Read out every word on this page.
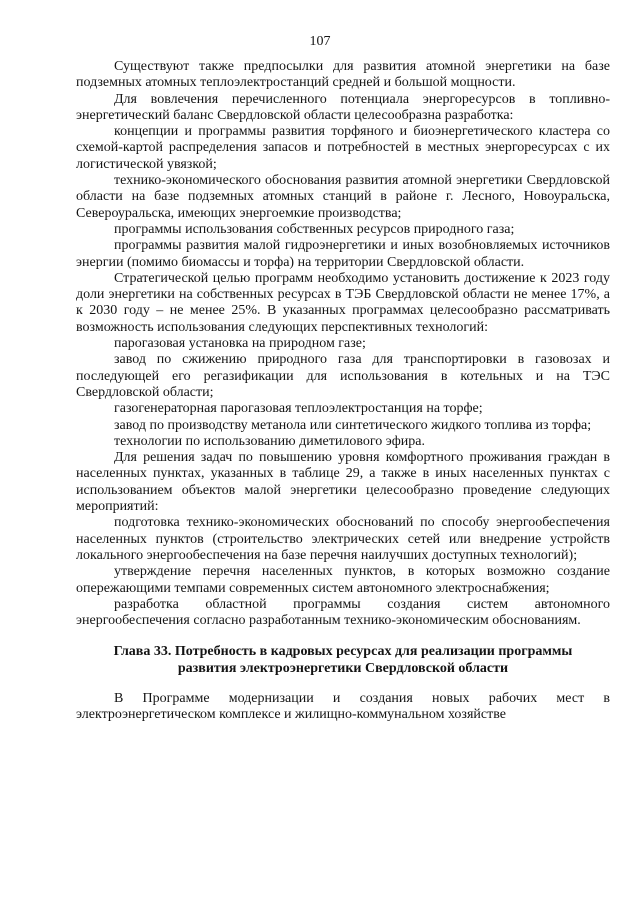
107

Существуют также предпосылки для развития атомной энергетики на базе подземных атомных теплоэлектростанций средней и большой мощности.

Для вовлечения перечисленного потенциала энергоресурсов в топливно-энергетический баланс Свердловской области целесообразна разработка:

концепции и программы развития торфяного и биоэнергетического кластера со схемой-картой распределения запасов и потребностей в местных энергоресурсах с их логистической увязкой;

технико-экономического обоснования развития атомной энергетики Свердловской области на базе подземных атомных станций в районе г. Лесного, Новоуральска, Североуральска, имеющих энергоемкие производства;

программы использования собственных ресурсов природного газа;

программы развития малой гидроэнергетики и иных возобновляемых источников энергии (помимо биомассы и торфа) на территории Свердловской области.

Стратегической целью программ необходимо установить достижение к 2023 году доли энергетики на собственных ресурсах в ТЭБ Свердловской области не менее 17%, а к 2030 году – не менее 25%. В указанных программах целесообразно рассматривать возможность использования следующих перспективных технологий:

парогазовая установка на природном газе;

завод по сжижению природного газа для транспортировки в газовозах и последующей его регазификации для использования в котельных и на ТЭС Свердловской области;

газогенераторная парогазовая теплоэлектростанция на торфе;

завод по производству метанола или синтетического жидкого топлива из торфа;

технологии по использованию диметилового эфира.

Для решения задач по повышению уровня комфортного проживания граждан в населенных пунктах, указанных в таблице 29, а также в иных населенных пунктах с использованием объектов малой энергетики целесообразно проведение следующих мероприятий:

подготовка технико-экономических обоснований по способу энергообеспечения населенных пунктов (строительство электрических сетей или внедрение устройств локального энергообеспечения на базе перечня наилучших доступных технологий);

утверждение перечня населенных пунктов, в которых возможно создание опережающими темпами современных систем автономного электроснабжения;

разработка областной программы создания систем автономного энергообеспечения согласно разработанным технико-экономическим обоснованиям.

Глава 33. Потребность в кадровых ресурсах для реализации программы развития электроэнергетики Свердловской области

В Программе модернизации и создания новых рабочих мест в электроэнергетическом комплексе и жилищно-коммунальном хозяйстве
